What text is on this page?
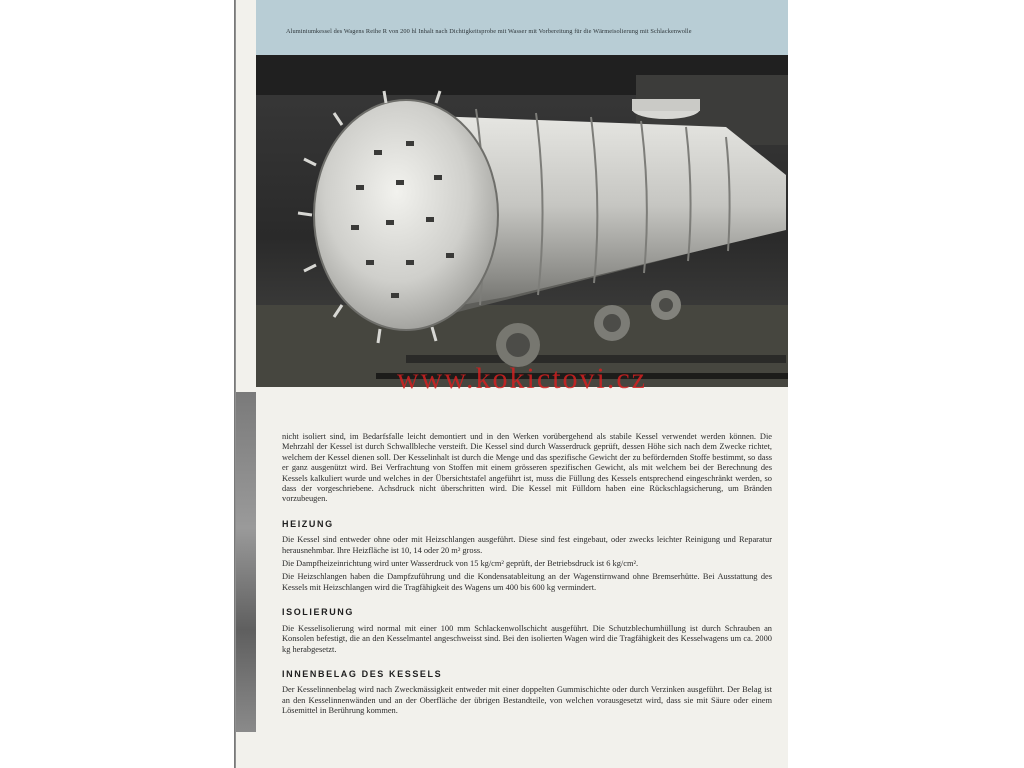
Aluminiumkessel des Wagens Reihe R von 200 hl Inhalt nach Dichtigkeitsprobe mit Wasser mit Vorbereitung für die Wärmeisolierung mit Schlackenwolle
www.kokictovi.cz

nicht isoliert sind, im Bedarfsfalle leicht demontiert und in den Werken vorübergehend als stabile Kessel verwendet werden können. Die Mehrzahl der Kessel ist durch Schwallbleche versteift. Die Kessel sind durch Wasserdruck geprüft, dessen Höhe sich nach dem Zwecke richtet, welchem der Kessel dienen soll. Der Kesselinhalt ist durch die Menge und das spezifische Gewicht der zu befördernden Stoffe bestimmt, so dass er ganz ausgenützt wird. Bei Verfrachtung von Stoffen mit einem grösseren spezifischen Gewicht, als mit welchem bei der Berechnung des Kessels kalkuliert wurde und welches in der Übersichtstafel angeführt ist, muss die Füllung des Kessels entsprechend eingeschränkt werden, so dass der vorgeschriebene. Achsdruck nicht überschritten wird. Die Kessel mit Fülldorn haben eine Rückschlagsicherung, um Bränden vorzubeugen.

HEIZUNG

Die Kessel sind entweder ohne oder mit Heizschlangen ausgeführt. Diese sind fest eingebaut, oder zwecks leichter Reinigung und Reparatur herausnehmbar. Ihre Heizfläche ist 10, 14 oder 20 m² gross.

Die Dampfheizeinrichtung wird unter Wasserdruck von 15 kg/cm² geprüft, der Betriebsdruck ist 6 kg/cm².

Die Heizschlangen haben die Dampfzuführung und die Kondensatableitung an der Wagenstirnwand ohne Bremserhütte. Bei Ausstattung des Kessels mit Heizschlangen wird die Tragfähigkeit des Wagens um 400 bis 600 kg vermindert.

ISOLIERUNG

Die Kesselisolierung wird normal mit einer 100 mm Schlackenwollschicht ausgeführt. Die Schutzblechumhüllung ist durch Schrauben an Konsolen befestigt, die an den Kesselmantel angeschweisst sind. Bei den isolierten Wagen wird die Tragfähigkeit des Kesselwagens um ca. 2000 kg herabgesetzt.

INNENBELAG DES KESSELS

Der Kesselinnenbelag wird nach Zweckmässigkeit entweder mit einer doppelten Gummischichte oder durch Verzinken ausgeführt. Der Belag ist an den Kesselinnenwänden und an der Oberfläche der übrigen Bestandteile, von welchen vorausgesetzt wird, dass sie mit Säure oder einem Lösemittel in Berührung kommen.
